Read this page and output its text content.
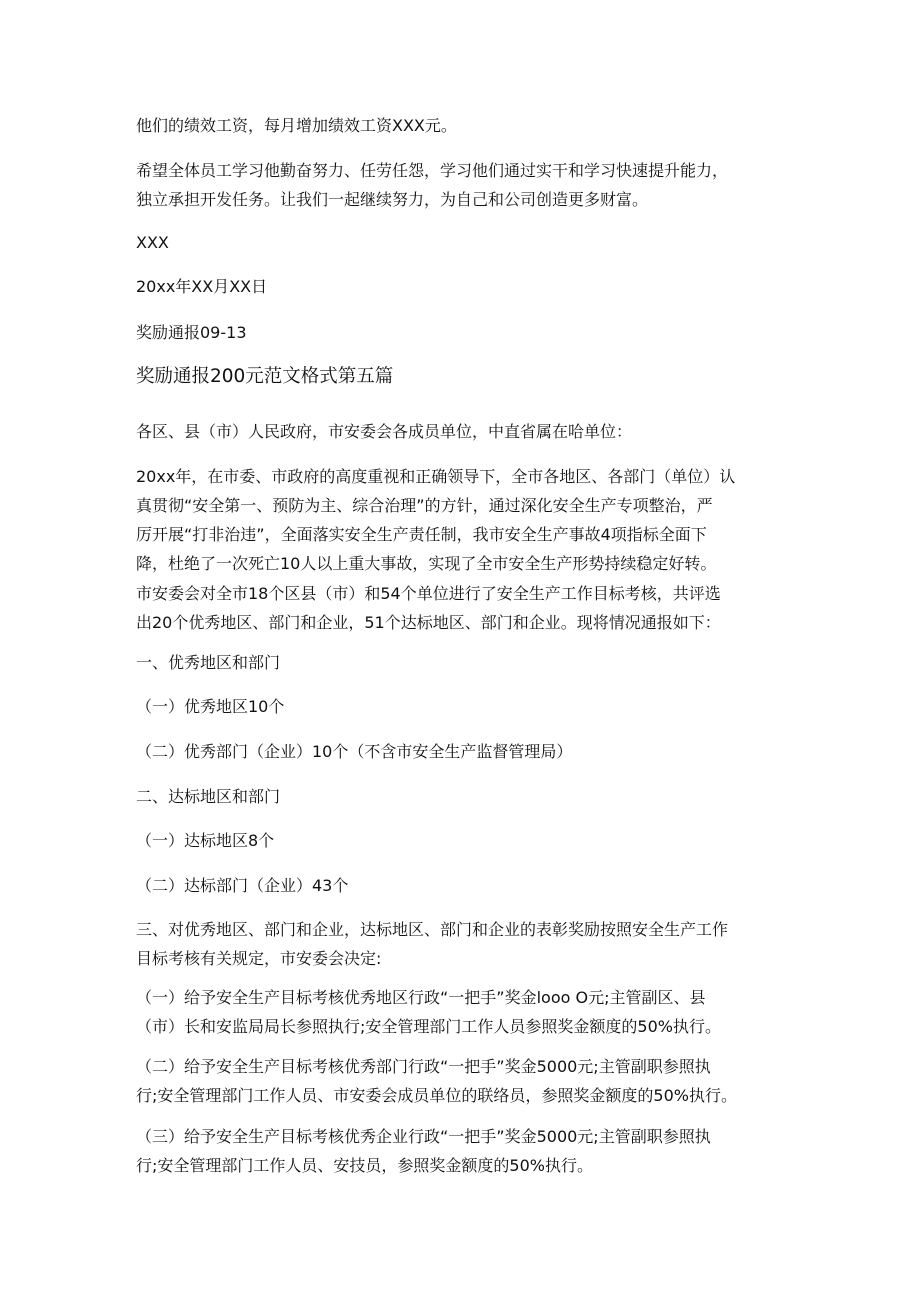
他们的绩效工资，每月增加绩效工资XXX元。
希望全体员工学习他勤奋努力、任劳任怨，学习他们通过实干和学习快速提升能力，
独立承担开发任务。让我们一起继续努力，为自己和公司创造更多财富。
XXX
20xx年XX月XX日
奖励通报09-13
奖励通报200元范文格式第五篇
各区、县（市）人民政府，市安委会各成员单位，中直省属在哈单位：
20xx年，在市委、市政府的高度重视和正确领导下，全市各地区、各部门（单位）认
真贯彻“安全第一、预防为主、综合治理”的方针，通过深化安全生产专项整治，严
厉开展“打非治违”，全面落实安全生产责任制，我市安全生产事故4项指标全面下
降，杜绝了一次死亡10人以上重大事故，实现了全市安全生产形势持续稳定好转。
市安委会对全市18个区县（市）和54个单位进行了安全生产工作目标考核，共评选
出20个优秀地区、部门和企业，51个达标地区、部门和企业。现将情况通报如下：
一、优秀地区和部门
（一）优秀地区10个
（二）优秀部门（企业）10个（不含市安全生产监督管理局）
二、达标地区和部门
（一）达标地区8个
（二）达标部门（企业）43个
三、对优秀地区、部门和企业，达标地区、部门和企业的表彰奖励按照安全生产工作
目标考核有关规定，市安委会决定:
（一）给予安全生产目标考核优秀地区行政“一把手”奖金looo O元;主管副区、县
（市）长和安监局局长参照执行;安全管理部门工作人员参照奖金额度的50%执行。
（二）给予安全生产目标考核优秀部门行政“一把手”奖金5000元;主管副职参照执
行;安全管理部门工作人员、市安委会成员单位的联络员，参照奖金额度的50%执行。
（三）给予安全生产目标考核优秀企业行政“一把手”奖金5000元;主管副职参照执
行;安全管理部门工作人员、安技员，参照奖金额度的50%执行。
